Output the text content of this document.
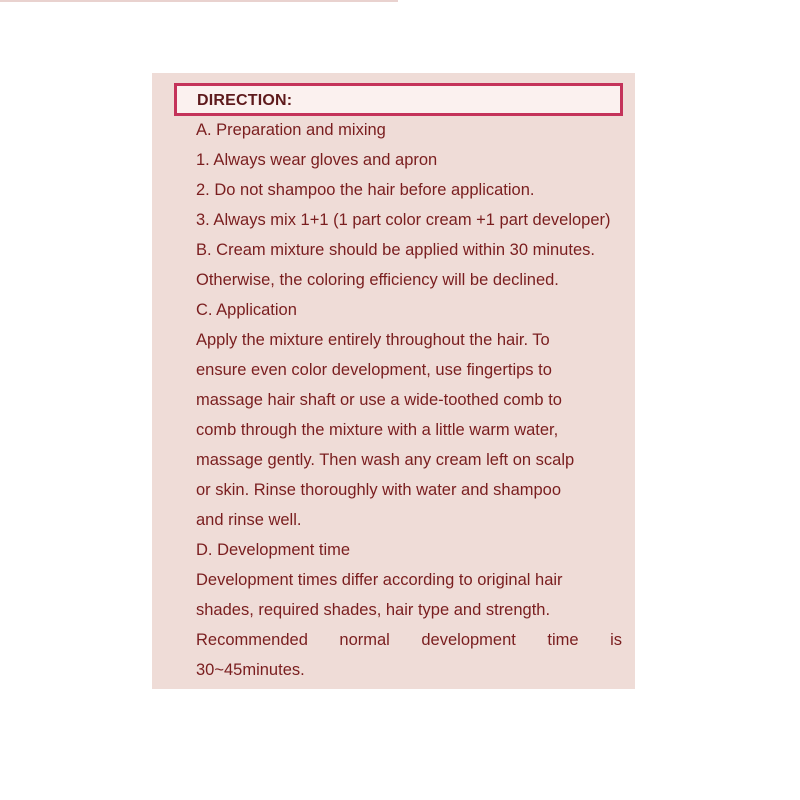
DIRECTION:
A. Preparation and mixing
1. Always wear gloves and apron
2. Do not shampoo the hair before application.
3. Always mix 1+1 (1 part color cream +1 part developer)
B. Cream mixture should be applied within 30 minutes.
Otherwise, the coloring efficiency will be declined.
C. Application
Apply the mixture entirely throughout the hair. To
ensure even color development, use fingertips to
massage hair shaft or use a wide-toothed comb to
comb through the mixture with a little warm water,
massage gently. Then wash any cream left on scalp
or skin. Rinse thoroughly with water and shampoo
and rinse well.
D. Development time
Development times differ according to original hair
shades, required shades, hair type and strength.
Recommended normal development time is
30~45minutes.
